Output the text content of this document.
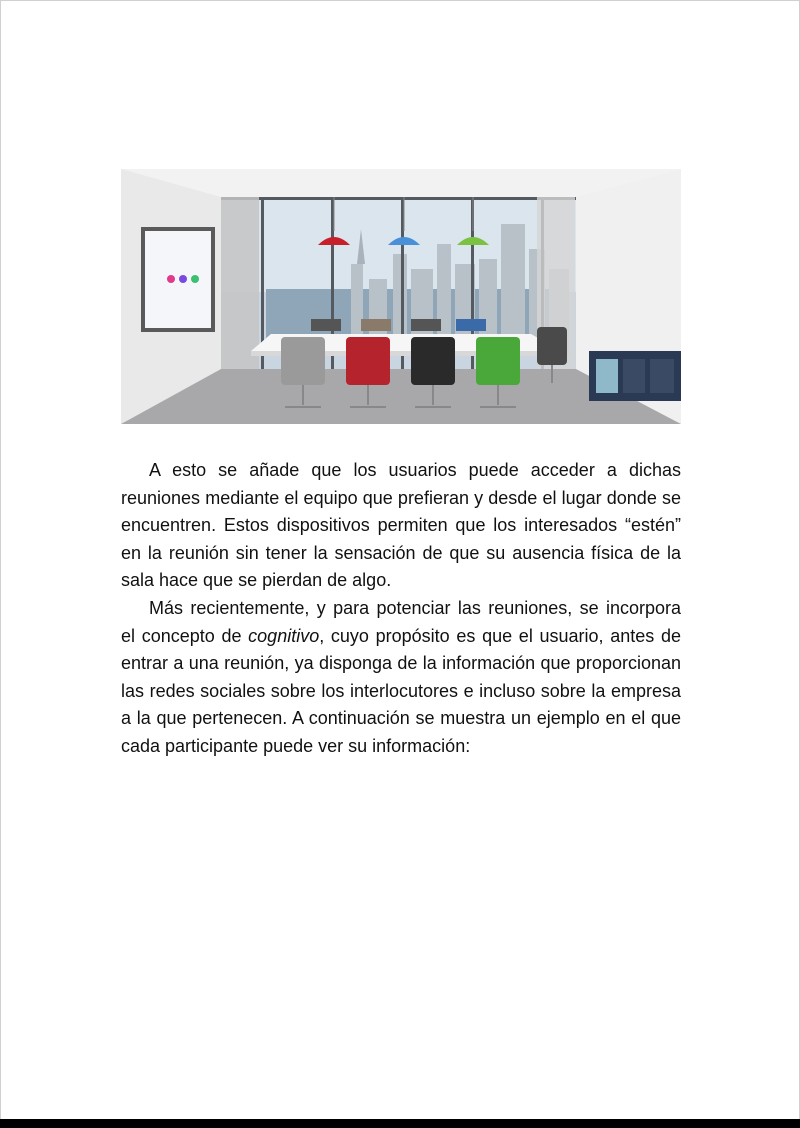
A esto se añade que los usuarios puede acceder a dichas reuniones mediante el equipo que prefieran y desde el lugar donde se encuentren. Estos dispositivos permiten que los interesados “estén” en la reunión sin tener la sensación de que su ausencia física de la sala hace que se pierdan de algo.

Más recientemente, y para potenciar las reuniones, se incorpora el concepto de cognitivo, cuyo propósito es que el usuario, antes de entrar a una reunión, ya disponga de la información que proporcionan las redes sociales sobre los interlocutores e incluso sobre la empresa a la que pertenecen. A continuación se muestra un ejemplo en el que cada participante puede ver su información:
